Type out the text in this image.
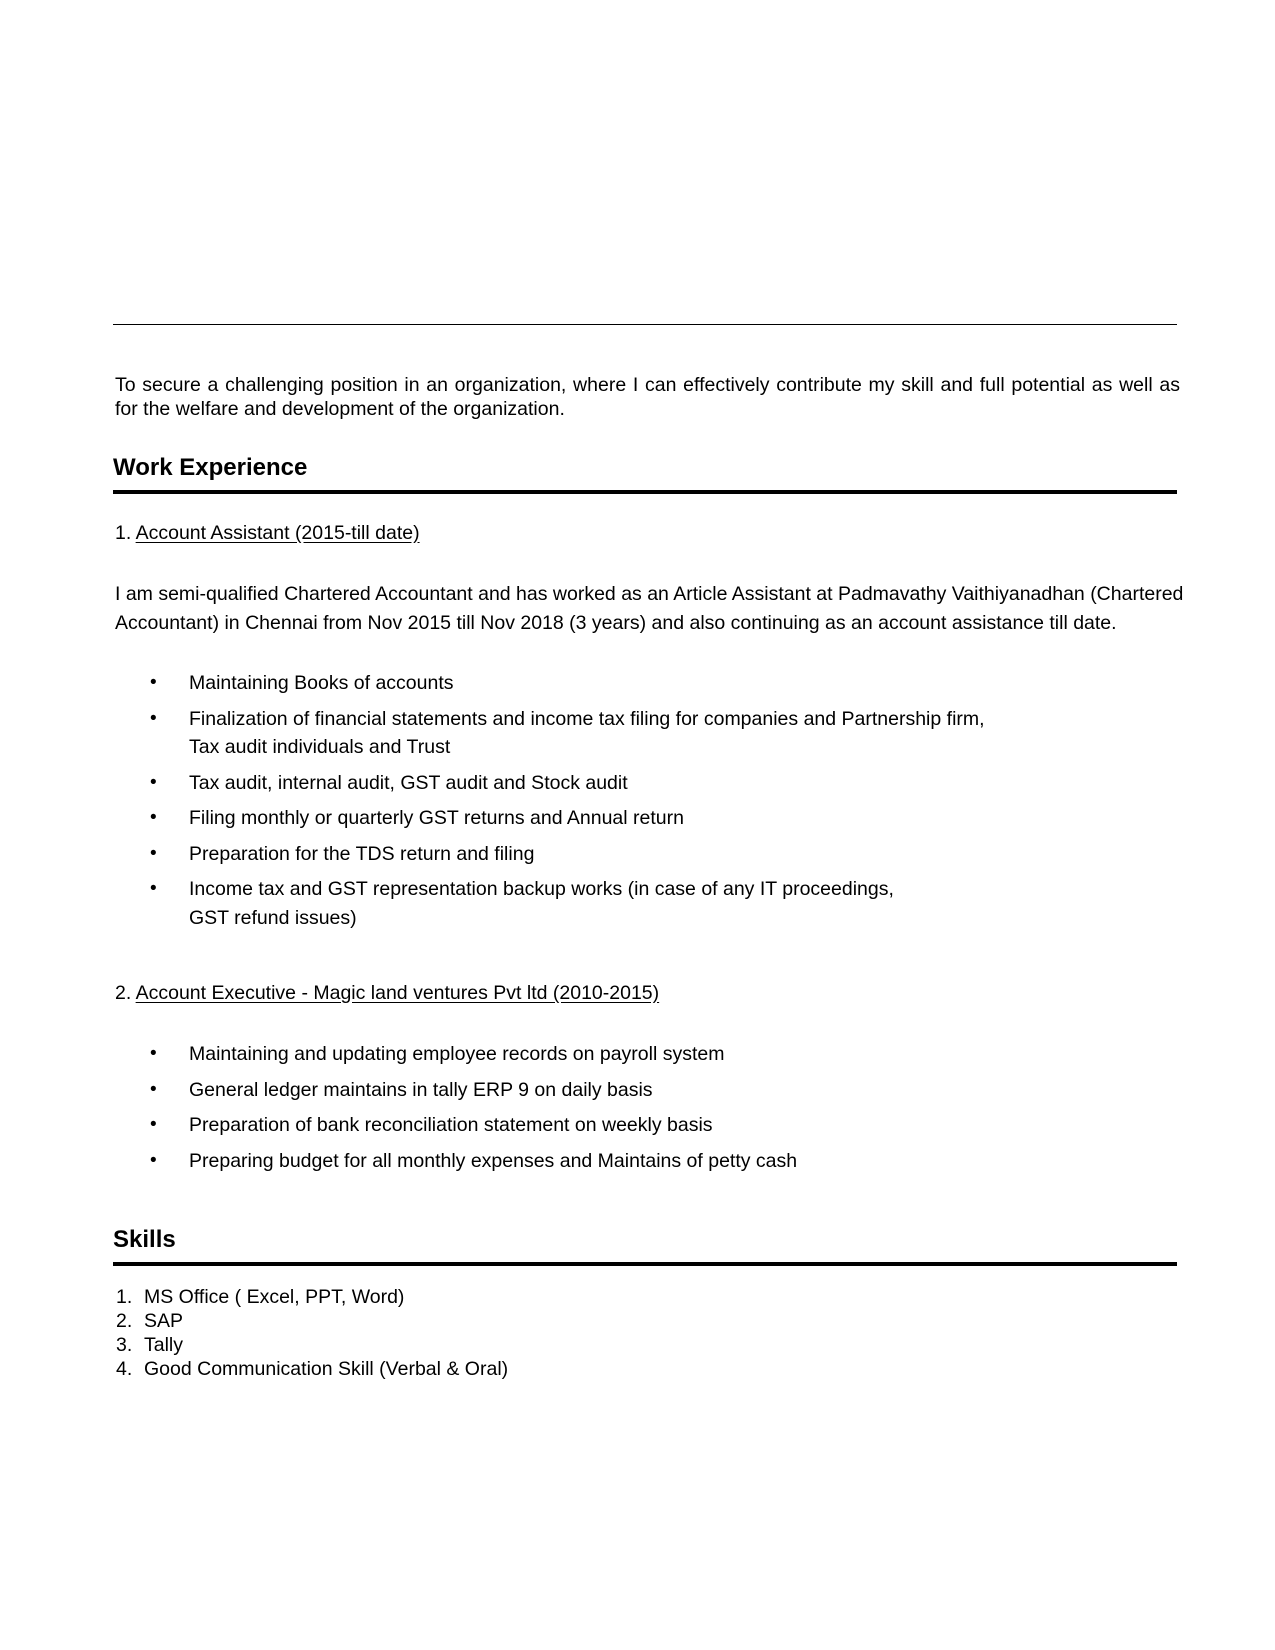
To secure a challenging position in an organization, where I can effectively contribute my skill and full potential as well as for the welfare and development of the organization.
Work Experience
1. Account Assistant (2015-till date)
I am semi-qualified Chartered Accountant and has worked as an Article Assistant at Padmavathy Vaithiyanadhan (Chartered Accountant) in Chennai from Nov 2015 till Nov 2018 (3 years) and also continuing as an account assistance till date.
• Maintaining Books of accounts
• Finalization of financial statements and income tax filing for companies and Partnership firm,
Tax audit individuals and Trust
• Tax audit, internal audit, GST audit and Stock audit
• Filing monthly or quarterly GST returns and Annual return
• Preparation for the TDS return and filing
• Income tax and GST representation backup works (in case of any IT proceedings,
GST refund issues)
2. Account Executive - Magic land ventures Pvt ltd (2010-2015)
• Maintaining and updating employee records on payroll system
• General ledger maintains in tally ERP 9 on daily basis
• Preparation of bank reconciliation statement on weekly basis
• Preparing budget for all monthly expenses and Maintains of petty cash
Skills
1. MS Office ( Excel, PPT, Word)
2. SAP
3. Tally
4. Good Communication Skill (Verbal & Oral)
